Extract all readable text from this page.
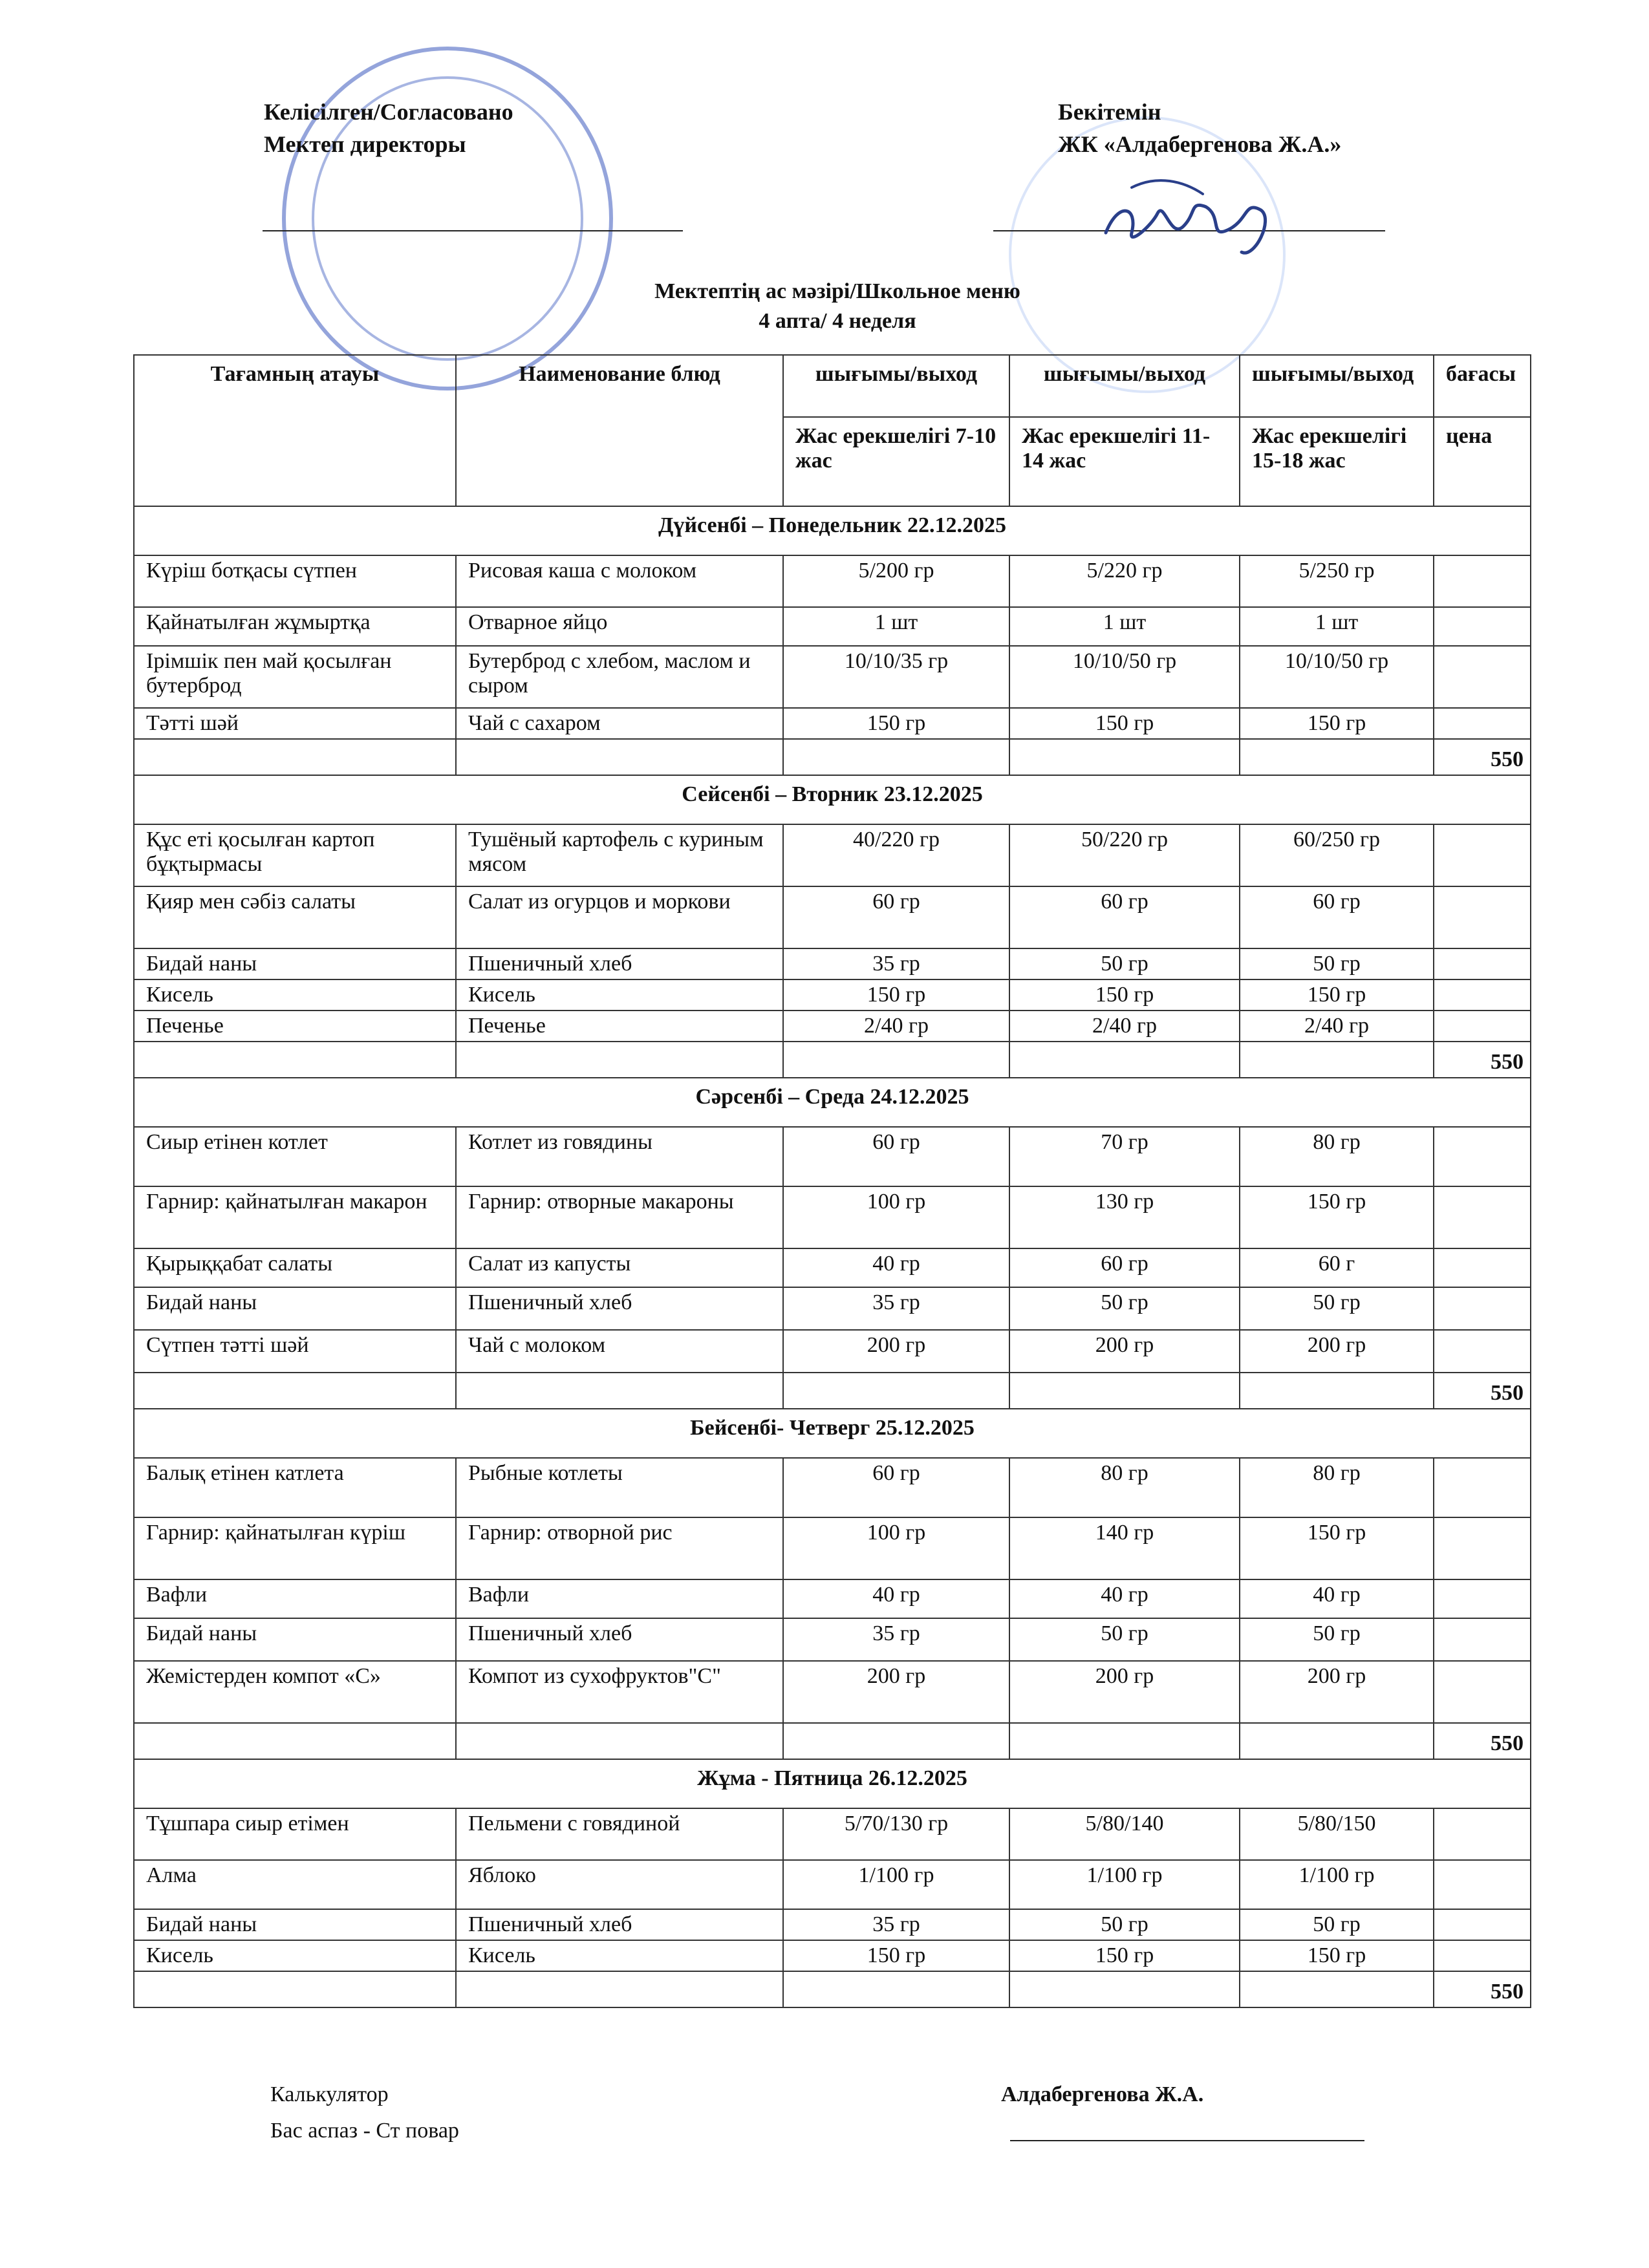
Келісілген/Согласовано
Мектеп директоры
Бекітемін
ЖК «Алдабергенова Ж.А.»
Мектептің ас мәзірі/Школьное меню
4 апта/ 4 неделя
Тағамның атауы	Наименование блюд	шығымы/выход	шығымы/выход	шығымы/выход	бағасы
		Жас ерекшелігі 7-10 жас	Жас ерекшелігі 11-14 жас	Жас ерекшелігі 15-18 жас	цена
Дүйсенбі – Понедельник 22.12.2025					
Күріш ботқасы сүтпен	Рисовая каша с молоком	5/200 гр	5/220 гр	5/250 гр	
Қайнатылған жұмыртқа	Отварное яйцо	1 шт	1 шт	1 шт	
Ірімшік пен май қосылған бутерброд	Бутерброд с хлебом, маслом и сыром	10/10/35 гр	10/10/50 гр	10/10/50 гр	
Тәтті шәй	Чай с сахаром	150 гр	150 гр	150 гр	
					550
Сейсенбі – Вторник 23.12.2025					
Құс еті қосылған картоп бұқтырмасы	Тушёный картофель с куриным мясом	40/220 гр	50/220 гр	60/250 гр	
Қияр мен сәбіз салаты	Салат из огурцов и моркови	60 гр	60 гр	60 гр	
Бидай наны	Пшеничный хлеб	35 гр	50 гр	50 гр	
Кисель	Кисель	150 гр	150 гр	150 гр	
Печенье	Печенье	2/40 гр	2/40 гр	2/40 гр	
					550
Сәрсенбі – Среда 24.12.2025					
Сиыр етінен котлет	Котлет из говядины	60 гр	70 гр	80 гр	
Гарнир: қайнатылған макарон	Гарнир: отворные макароны	100 гр	130 гр	150 гр	
Қырыққабат салаты	Салат из капусты	40 гр	60 гр	60 г	
Бидай наны	Пшеничный хлеб	35 гр	50 гр	50 гр	
Сүтпен тәтті шәй	Чай с молоком	200 гр	200 гр	200 гр	
					550
Бейсенбі- Четверг 25.12.2025					
Балық етінен катлета	Рыбные котлеты	60 гр	80 гр	80 гр	
Гарнир: қайнатылған күріш	Гарнир: отворной рис	100 гр	140 гр	150 гр	
Вафли	Вафли	40 гр	40 гр	40 гр	
Бидай наны	Пшеничный хлеб	35 гр	50 гр	50 гр	
Жемістерден компот «С»	Компот из сухофруктов"С"	200 гр	200 гр	200 гр	
					550
Жұма - Пятница 26.12.2025					
Тұшпара сиыр етімен	Пельмени с говядиной	5/70/130 гр	5/80/140	5/80/150	
Алма	Яблоко	1/100 гр	1/100 гр	1/100 гр	
Бидай наны	Пшеничный хлеб	35 гр	50 гр	50 гр	
Кисель	Кисель	150 гр	150 гр	150 гр	
					550
Калькулятор
Бас аспаз - Ст повар
Алдабергенова Ж.А.
